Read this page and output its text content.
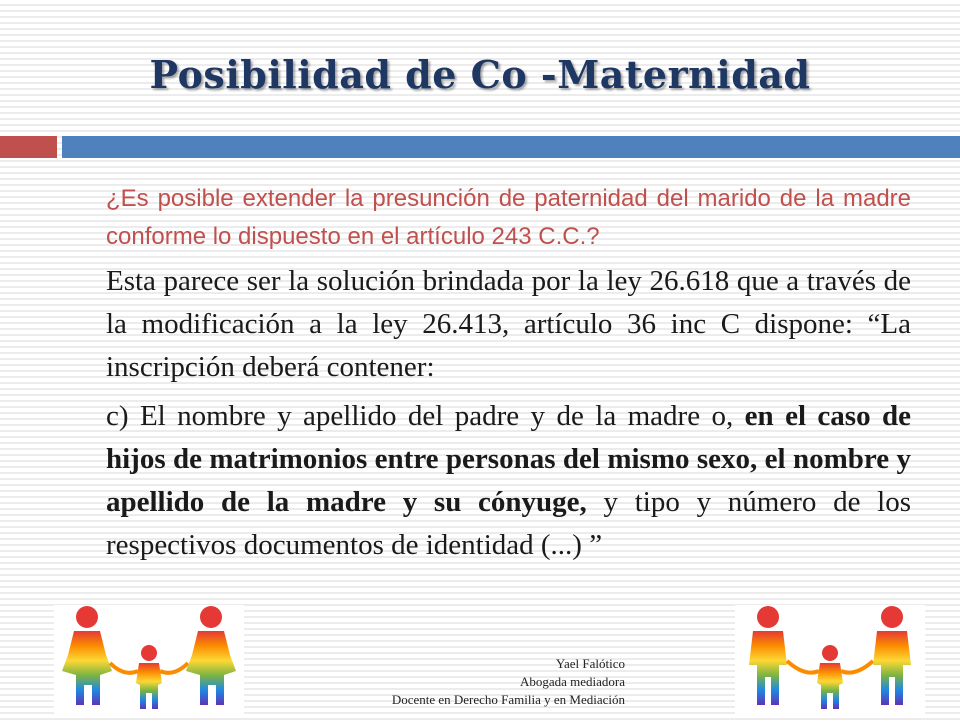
Posibilidad de Co -Maternidad

¿Es posible extender la presunción de paternidad del marido de la madre conforme lo dispuesto en el artículo 243 C.C.?

Esta parece ser la solución brindada por la ley 26.618 que a través de la modificación a la ley 26.413, artículo 36 inc C dispone: “La inscripción deberá contener:

c) El nombre y apellido del padre y de la madre o, en el caso de hijos de matrimonios entre personas del mismo sexo, el nombre y apellido de la madre y su cónyuge, y tipo y número de los respectivos documentos de identidad (...) ”

Yael Falótico
Abogada mediadora
Docente en Derecho Familia y en Mediación
